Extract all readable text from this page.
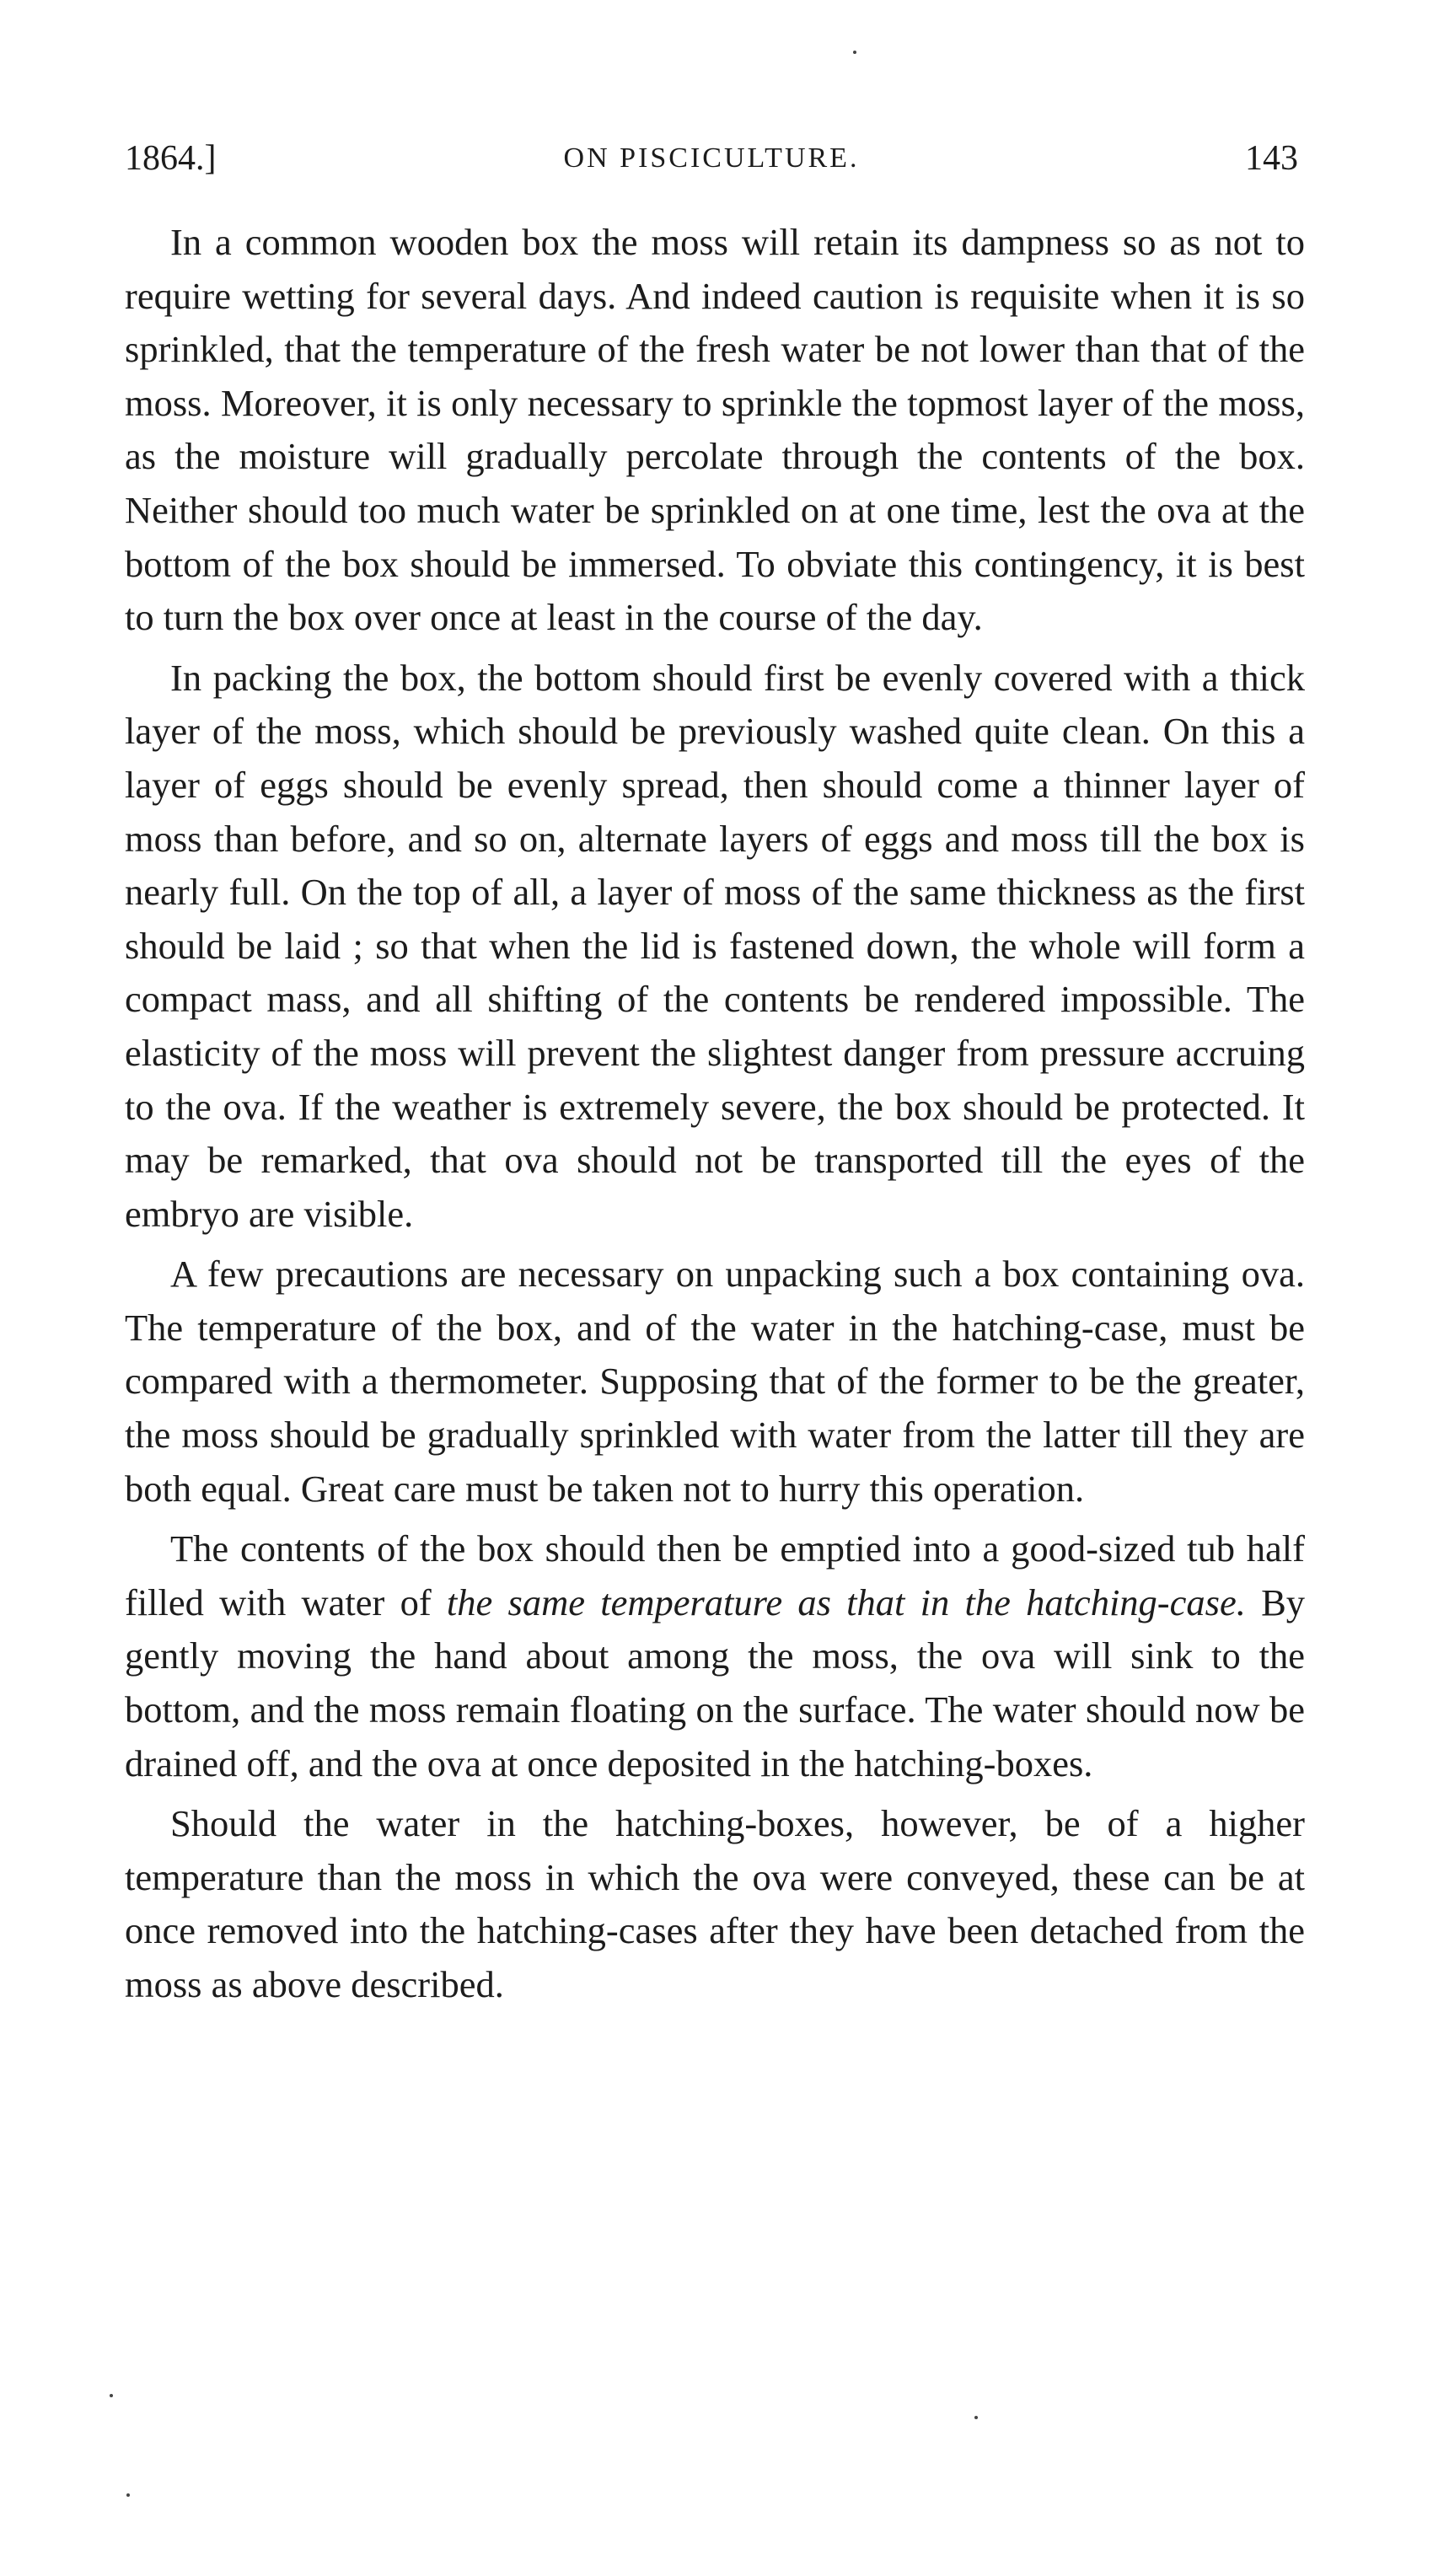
1864.]	ON PISCICULTURE.	143

In a common wooden box the moss will retain its dampness so as not to require wetting for several days. And indeed caution is requisite when it is so sprinkled, that the temperature of the fresh water be not lower than that of the moss. Moreover, it is only necessary to sprinkle the topmost layer of the moss, as the moisture will gradually percolate through the contents of the box. Neither should too much water be sprinkled on at one time, lest the ova at the bottom of the box should be immersed. To obviate this contingency, it is best to turn the box over once at least in the course of the day.

In packing the box, the bottom should first be evenly covered with a thick layer of the moss, which should be previously washed quite clean. On this a layer of eggs should be evenly spread, then should come a thinner layer of moss than before, and so on, alternate layers of eggs and moss till the box is nearly full. On the top of all, a layer of moss of the same thickness as the first should be laid ; so that when the lid is fastened down, the whole will form a compact mass, and all shifting of the contents be rendered impossible. The elasticity of the moss will prevent the slightest danger from pressure accruing to the ova. If the weather is extremely severe, the box should be protected. It may be remarked, that ova should not be transported till the eyes of the embryo are visible.

A few precautions are necessary on unpacking such a box containing ova. The temperature of the box, and of the water in the hatching-case, must be compared with a thermometer. Supposing that of the former to be the greater, the moss should be gradually sprinkled with water from the latter till they are both equal. Great care must be taken not to hurry this operation.

The contents of the box should then be emptied into a good-sized tub half filled with water of the same temperature as that in the hatching-case. By gently moving the hand about among the moss, the ova will sink to the bottom, and the moss remain floating on the surface. The water should now be drained off, and the ova at once deposited in the hatching-boxes.

Should the water in the hatching-boxes, however, be of a higher temperature than the moss in which the ova were conveyed, these can be at once removed into the hatching-cases after they have been detached from the moss as above described.
